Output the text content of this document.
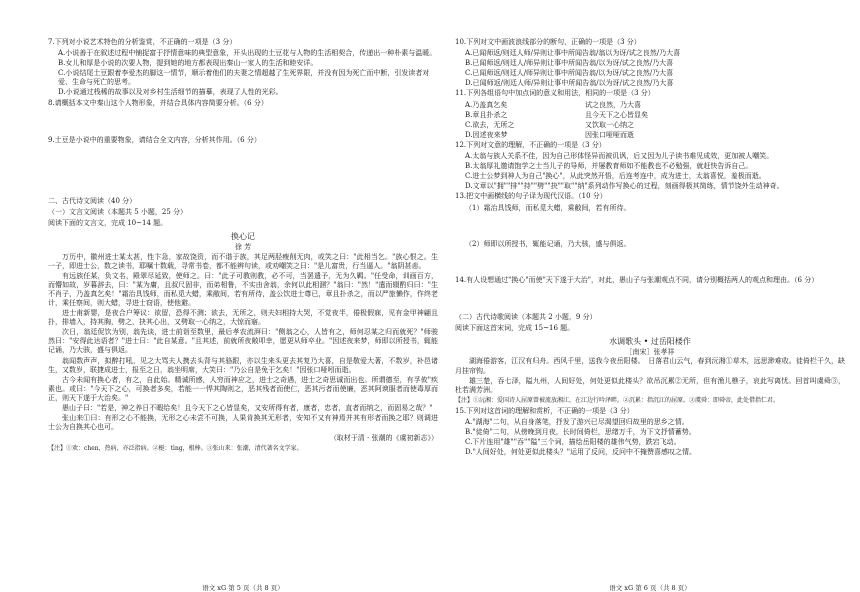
7.下列对小说艺术特色的分析鉴赏，不正确的一项是（3 分）
A.小说善于在叙述过程中铺捉富于抒情意味的典型意象，开头出现的土豆花与人物的生活相契合，传递出一种朴素与温暖。
B.女儿和厚是小说的次要人物，提到她的地方都表现出秦山一家人的生活和睦安详。
C.小说结尾土豆跟着李爱杰的脚这一情节，顺示着他们的夫妻之情超越了生死界限，并没有因为死亡而中断，引发读者对爱、生命与死亡的思考。
D.小说通过栈稀的故事以及对乡村生活细节的描摹，表现了人性的光彩。
8.请概括本文中秦山这个人物形象，并结合具体内容简要分析。（6 分）
9.土豆是小说中的重要物象，请结合全文内容，分析其作用。（6 分）
二、古代诗文阅读（40 分）
（一）文言文阅读（本题共 5 小题，25 分）
阅读下面的文言文，完成 10~14 题。
换心记
徐 芳
万历中，徽州进士某太甚，性卞急，家故饶资，而不谐于族，其足两胫瘦削无肉，或笑之曰："此相当乞。"族心恨之。生一子，即进士公，数之读书，耶嘱十数载，寻常书卷，都不能辨句读，或劝嘲笑之曰："是儿富贵，行当逼人。"翁阴甚恚。
有远族任某，负文名，殿翠尽延致，使师之。曰："此子可教则教，必不可，当罢遣予，无为久羁。"任受命，训画百方，而懵如故，岁暮辞去，曰："某为庸，且叔尺固非，而弟相鲁，不实由舍翁，余何以此相溷？"翁曰："然！"遣而辍酌归曰："生不肖子，乃盖真乞矣！"霜治具饯师，而私觅大蜡，乘敝间，若有所待，盖公饮进士尊已，章且扑杀之，而以严旅懒作，作终老计，乘任察间，则大蜡，寻进士窃语，使他避。
进士甫新婴，是夜合户筹议：欲留，恐得不测；欲去，无所之，则夫妇相持大哭，不觉夜半，倦极假寐，见有金甲神翩且扑，排墙入，持其胸，劈之，抉其心出，又劈取一心纳之，大惊而寤。
次日，翁廷促饮为别，翁先谈，进士前诣至数里，最后孝农流湃曰："侧翁之心，人皆有之，师何忍某之归而就死？"师骏然曰："安得此达语者？"进士曰："此自某意。"且其述，前就所夜敞叩幸，愿更从师卒业。"因述夜来梦，师即以所授书，辄能记诵，乃大骇，盛与俱返。
翁闻数声声，拟醉打吼，见之大骂夫人携去头背与其骆跟，亦以生来头更去其复乃大喜，自是敬爱大著，不数岁，补邑诸生，又数岁，联捷成进士，报至之日，翁坐明席，大笑曰："乃公自是免于乞矣！"因张口哑吲而逝。
古今未闻有换心者，有之，自此始。精诚所感，人穷而神应之，进士之奇遇，进士之奇思诚而出也。所谓德至，有孚攸"疾素也。或曰："今天下之心，可换者多矣，若能一一悍其陶则之，恶其残者而使仁，恶其污者而使廉，恶其阿谀服者而使毒厚而正，则天下遂于大治矣。"
愚山子曰："若是，神之养日不暇给矣！且今天下之心皆显矣，又安所得有者，康者，忠者，直者而纳之，而固易之哉？"
张山来①曰：有形之心不能换，无形之心未尝不可换，人果肯换其无形者，安知不又有神焉并其有形者而换之耶？则调进士公为自换其心也可。
（取材于清 · 张潮的《虞初新志》）
【注】①欢：chen，热病，亦泛指病。②梃：tìng，根棒。③张山来：张潮，清代著名文学家。
语文 xG 第 5 页（共 8 页）
10.下列对文中画波浪线部分的断句，正确的一项是（3 分）
A.已闻师返/则廷人师/异则让事中所闻告翁/翁以为讶/试之良然/乃大喜
B.已闻师返/则廷人/师异则让事中所闻告翁/以为讶/试之良然/乃大喜
C.已闻师返/则廷人/师异则让事中所闻告翁/以为讶/试之良然/乃大喜
D.已闻师返/则廷人师/异则让事中所闻告翁/以为讶/试之良然/乃大喜
11.下列各组语句中加点词的意义和用法，相同的一项是（3 分）
A.乃盖真乞矣	试之良然，乃大喜
B.章且扑杀之	且今天下之心皆显矣
C.欲去，无所之	又饮取一心纳之
D.因述夜来梦	因张口哑哑而逝
12.下列对文意的理解，不正确的一项是（3 分）
A.太翁与族人关系不佳，因为自己形体怪异而被讥讽，后又因为儿子读书难见成效，更加被人嘲笑。
B.太翁厚礼邀请饱学之士当儿子的导师，并屡教育师如不能教也不必勉强，就赶快告诉自己。
C.进士公梦到神人为自己"换心"，从此突然开悟，后连考连中，成为进士，太翁喜悦，羞极而逝。
D.文章以"拥""排""持""劈""抉""取""纳"系列动作写换心的过程，刻画得极其简练，情节饶外生动神奇。
13.把文中画横线的句子译为现代汉语。（10 分）
（1）霜治具饯师，而私觅大蜡，乘敝间，若有所待。
（2）师即以所授书，辄能记诵，乃大骇，盛与俱返。
14.有人设想通过"换心"而使"天下遂于大治"，对此，愚山子与张潮观点不同，请分别概括两人的观点和理由。（6 分）
（二）古代诗歌阅读（本题共 2 小题，9 分）
阅读下面这首宋词，完成 15~16 题。
水调歌头 • 过岳阳楼作
［南宋］张孝祥
湖海倦游客，江汉有归舟。西风千里，送我今夜岳阳楼。　日落君山云气，春到沅湘①草木，远思渺难收。徒倚栏干久，缺月挂帘钩。
雄三楚，吞七泽，隘九州，人间好处，何处更似此楼头？欲吊沉累②无所，但有渔儿樵子，哀此写离忧。回首叫虞舜③，杜若满芳洲。
【注】①沅湘：爱国诗人屈原曾被流放湘江，在江边行吟泽畔。②沉累：指沉江的屈原。③虞舜：即舜帝，此处借指仁君。
15.下列对这首词的理解和赏析，不正确的一项是（3 分）
A."湖海"二句，从自身落笔，抒发了游兴已尽渴望回归故里的思乡之情。
B."徒倚"二句，从傍晚到月夜，长时间倚栏，思绪万千，为下文抒情蓄势。
C.下片连用"雄""吞""隘"三个词，描绘岳阳楼的雄伟气势，跌宕飞动。
D."人间好处，何处更似此楼头？"运用了反问，反问中不掩赞喜感叹之情。
语文 xG 第 6 页（共 8 页）
